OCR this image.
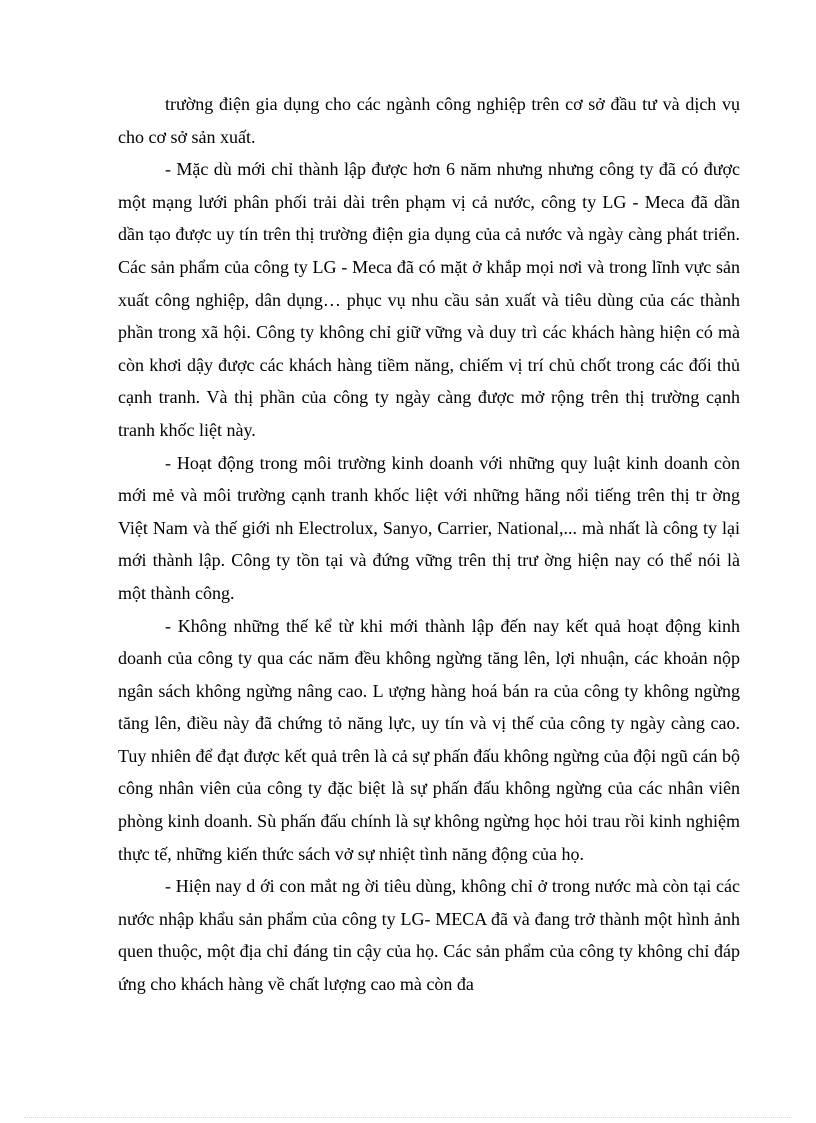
trường điện gia dụng cho các ngành công nghiệp trên cơ sở đầu tư và dịch vụ cho cơ sở sản xuất.

- Mặc dù mới chỉ thành lập được hơn 6 năm nhưng nhưng công ty đã có được một mạng lưới phân phối trải dài trên phạm vị cả nước, công ty LG - Meca đã dần dần tạo được uy tín trên thị trường điện gia dụng của cả nước và ngày càng phát triển. Các sản phẩm của công ty LG - Meca đã có mặt ở khắp mọi nơi và trong lĩnh vực sản xuất công nghiệp, dân dụng… phục vụ nhu cầu sản xuất và tiêu dùng của các thành phần trong xã hội. Công ty không chỉ giữ vững và duy trì các khách hàng hiện có mà còn khơi dậy được các khách hàng tiềm năng, chiếm vị trí chủ chốt trong các đối thủ cạnh tranh. Và thị phần của công ty ngày càng được mở rộng trên thị trường cạnh tranh khốc liệt này.

- Hoạt động trong môi trường kinh doanh với những quy luật kinh doanh còn mới mẻ và môi trường cạnh tranh khốc liệt với những hãng nổi tiếng trên thị tr ờng Việt Nam và thế giới nh Electrolux, Sanyo, Carrier, National,... mà nhất là công ty lại mới thành lập. Công ty tồn tại và đứng vững trên thị trư ờng hiện nay có thể nói là một thành công.

- Không những thế kể từ khi mới thành lập đến nay kết quả hoạt động kinh doanh của công ty qua các năm đều không ngừng tăng lên, lợi nhuận, các khoản nộp ngân sách không ngừng nâng cao. L ượng hàng hoá bán ra của công ty không ngừng tăng lên, điều này đã chứng tỏ năng lực, uy tín và vị thế của công ty ngày càng cao. Tuy nhiên để đạt được kết quả trên là cả sự phấn đấu không ngừng của đội ngũ cán bộ công nhân viên của công ty đặc biệt là sự phấn đấu không ngừng của các nhân viên phòng kinh doanh. Sù phấn đấu chính là sự không ngừng học hỏi trau rồi kinh nghiệm thực tế, những kiến thức sách vở sự nhiệt tình năng động của họ.

- Hiện nay d ới con mắt ng ời tiêu dùng, không chỉ ở trong nước mà còn tại các nước nhập khẩu sản phẩm của công ty LG- MECA đã và đang trở thành một hình ảnh quen thuộc, một địa chỉ đáng tin cậy của họ. Các sản phẩm của công ty không chỉ đáp ứng cho khách hàng về chất lượng cao mà còn đa
